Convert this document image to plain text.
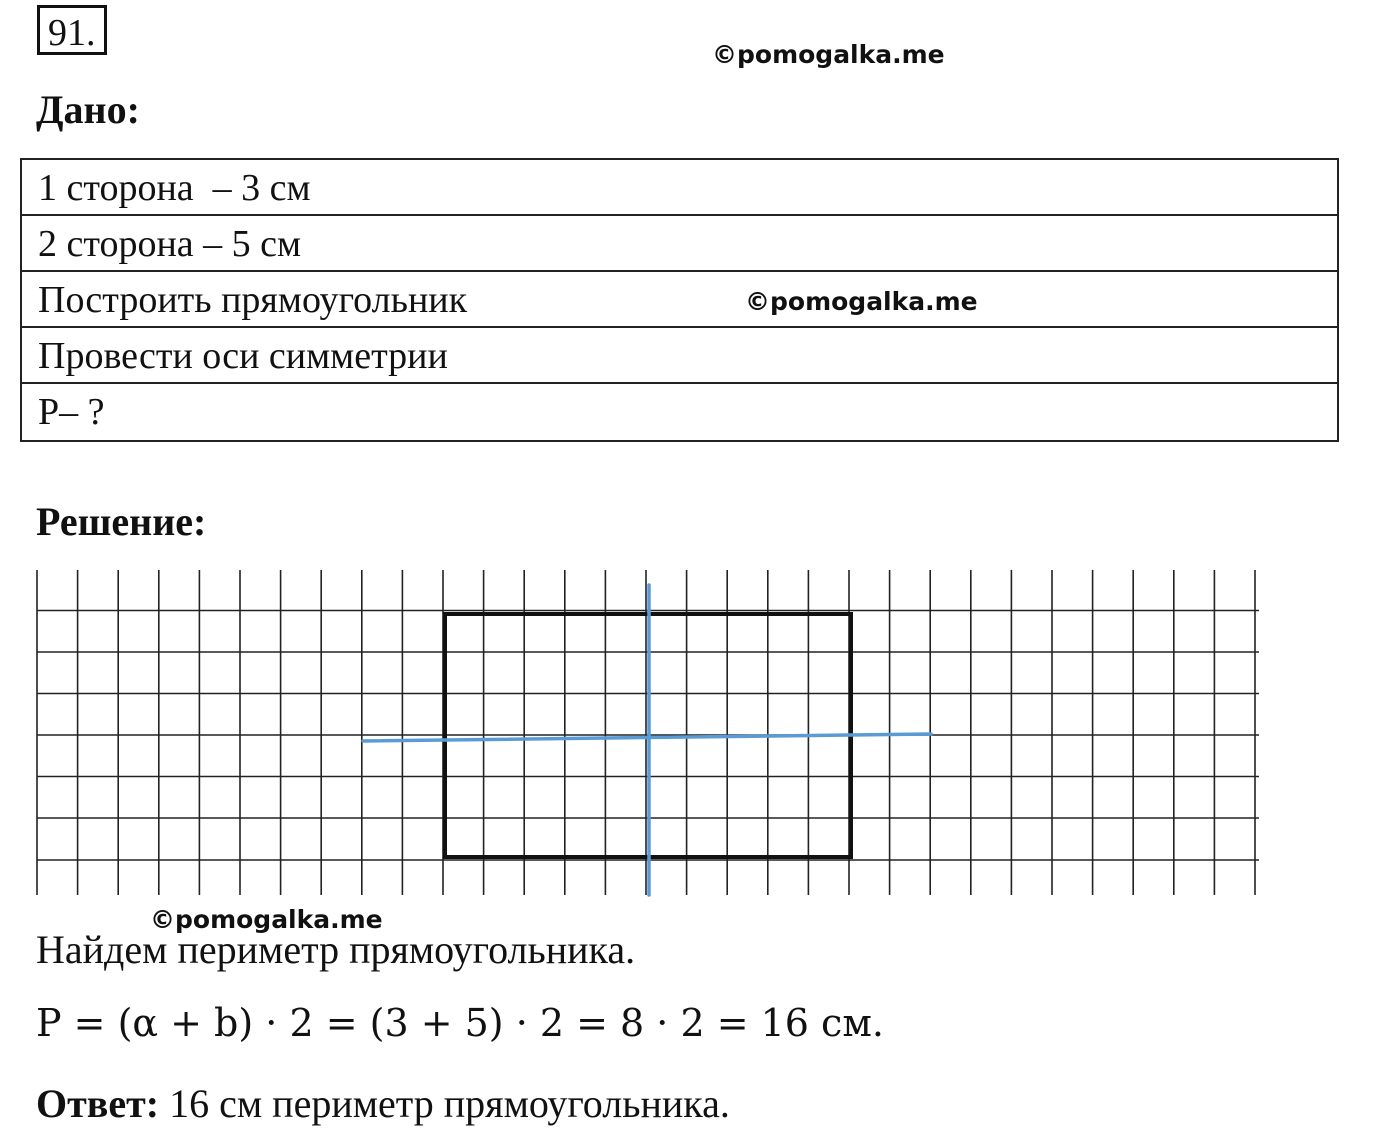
91.
©pomogalka.me
Дано:
1 сторона  – 3 см
2 сторона – 5 см
Построить прямоугольник
Провести оси симметрии
P– ?
©pomogalka.me
Решение:
©pomogalka.me
Найдем периметр прямоугольника.
P = (α + b) · 2 = (3 + 5) · 2 = 8 · 2 = 16 см.
Ответ: 16 см периметр прямоугольника.
